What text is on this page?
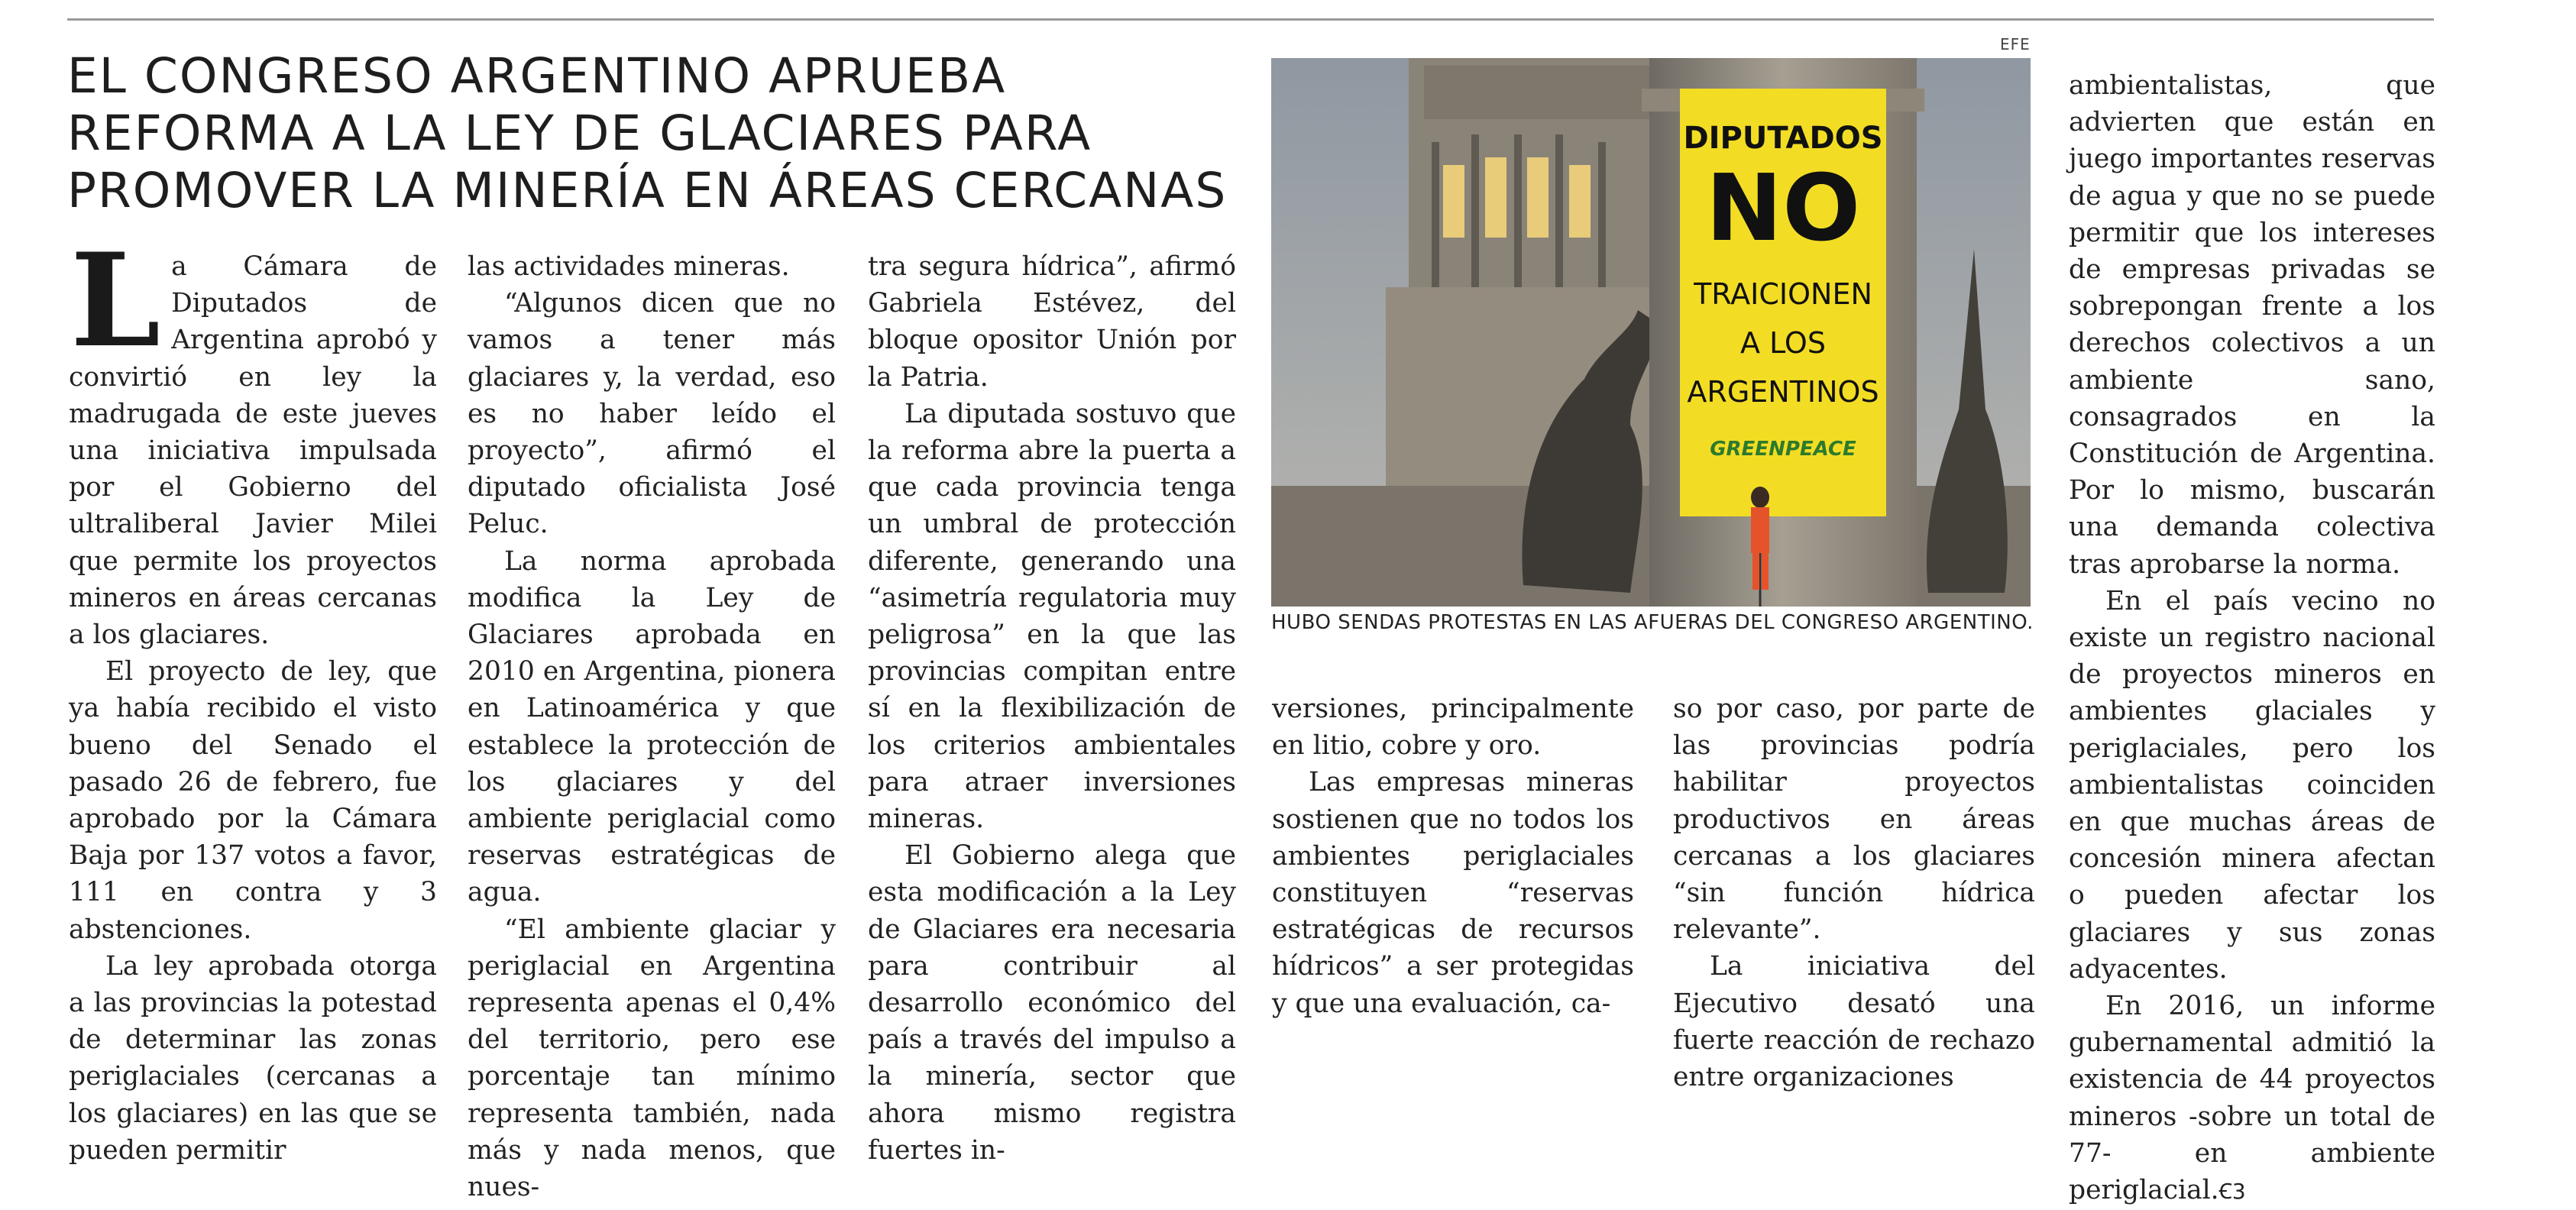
EL CONGRESO ARGENTINO APRUEBA REFORMA A LA LEY DE GLACIARES PARA PROMOVER LA MINERÍA EN ÁREAS CERCANAS

La Cámara de Diputados de Argentina aprobó y convirtió en ley la madrugada de este jueves una iniciativa impulsada por el Gobierno del ultraliberal Javier Milei que permite los proyectos mineros en áreas cercanas a los glaciares.

El proyecto de ley, que ya había recibido el visto bueno del Senado el pasado 26 de febrero, fue aprobado por la Cámara Baja por 137 votos a favor, 111 en contra y 3 abstenciones.

La ley aprobada otorga a las provincias la potestad de determinar las zonas periglaciales (cercanas a los glaciares) en las que se pueden permitir

las actividades mineras.

“Algunos dicen que no vamos a tener más glaciares y, la verdad, eso es no haber leído el proyecto”, afirmó el diputado oficialista José Peluc.

La norma aprobada modifica la Ley de Glaciares aprobada en 2010 en Argentina, pionera en Latinoamérica y que establece la protección de los glaciares y del ambiente periglacial como reservas estratégicas de agua.

“El ambiente glaciar y periglacial en Argentina representa apenas el 0,4% del territorio, pero ese porcentaje tan mínimo representa también, nada más y nada menos, que nues-

tra segura hídrica”, afirmó Gabriela Estévez, del bloque opositor Unión por la Patria.

La diputada sostuvo que la reforma abre la puerta a que cada provincia tenga un umbral de protección diferente, generando una “asimetría regulatoria muy peligrosa” en la que las provincias compitan entre sí en la flexibilización de los criterios ambientales para atraer inversiones mineras.

El Gobierno alega que esta modificación a la Ley de Glaciares era necesaria para contribuir al desarrollo económico del país a través del impulso a la minería, sector que ahora mismo registra fuertes in-

EFE
DIPUTADOS
NO
TRAICIONEN
A LOS
ARGENTINOS
GREENPEACE
HUBO SENDAS PROTESTAS EN LAS AFUERAS DEL CONGRESO ARGENTINO.

versiones, principalmente en litio, cobre y oro.

Las empresas mineras sostienen que no todos los ambientes periglaciales constituyen “reservas estratégicas de recursos hídricos” a ser protegidas y que una evaluación, ca-

so por caso, por parte de las provincias podría habilitar proyectos productivos en áreas cercanas a los glaciares “sin función hídrica relevante”.

La iniciativa del Ejecutivo desató una fuerte reacción de rechazo entre organizaciones

ambientalistas, que advierten que están en juego importantes reservas de agua y que no se puede permitir que los intereses de empresas privadas se sobrepongan frente a los derechos colectivos a un ambiente sano, consagrados en la Constitución de Argentina. Por lo mismo, buscarán una demanda colectiva tras aprobarse la norma.

En el país vecino no existe un registro nacional de proyectos mineros en ambientes glaciales y periglaciales, pero los ambientalistas coinciden en que muchas áreas de concesión minera afectan o pueden afectar los glaciares y sus zonas adyacentes.

En 2016, un informe gubernamental admitió la existencia de 44 proyectos mineros -sobre un total de 77- en ambiente periglacial.Ꞓ3
